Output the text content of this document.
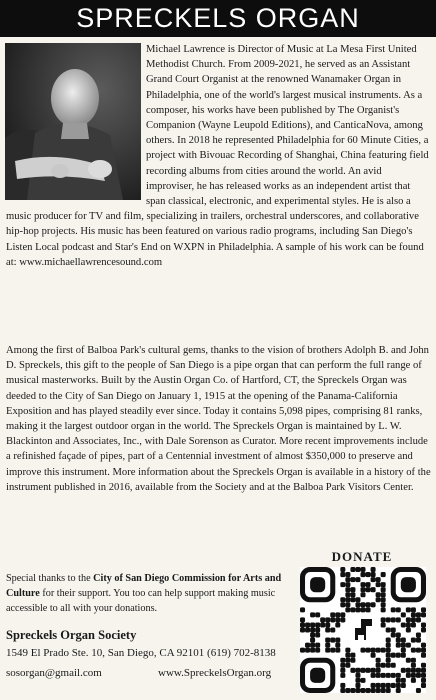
SPRECKELS ORGAN
Michael Lawrence is Director of Music at La Mesa First United Methodist Church. From 2009-2021, he served as an Assistant Grand Court Organist at the renowned Wanamaker Organ in Philadelphia, one of the world's largest musical instruments. As a composer, his works have been published by The Organist's Companion (Wayne Leupold Editions), and CanticaNova, among others. In 2018 he represented Philadelphia for 60 Minute Cities, a project with Bivouac Recording of Shanghai, China featuring field recording albums from cities around the world. An avid improviser, he has released works as an independent artist that span classical, electronic, and experimental styles. He is also a music producer for TV and film, specializing in trailers, orchestral underscores, and collaborative hip-hop projects. His music has been featured on various radio programs, including San Diego's Listen Local podcast and Star's End on WXPN in Philadelphia. A sample of his work can be found at: www.michaellawrencesound.com
Among the first of Balboa Park's cultural gems, thanks to the vision of brothers Adolph B. and John D. Spreckels, this gift to the people of San Diego is a pipe organ that can perform the full range of musical masterworks. Built by the Austin Organ Co. of Hartford, CT, the Spreckels Organ was deeded to the City of San Diego on January 1, 1915 at the opening of the Panama-California Exposition and has played steadily ever since. Today it contains 5,098 pipes, comprising 81 ranks, making it the largest outdoor organ in the world. The Spreckels Organ is maintained by L. W. Blackinton and Associates, Inc., with Dale Sorenson as Curator. More recent improvements include a refinished façade of pipes, part of a Centennial investment of almost $350,000 to preserve and improve this instrument. More information about the Spreckels Organ is available in a history of the instrument published in 2016, available from the Society and at the Balboa Park Visitors Center.
Special thanks to the City of San Diego Commission for Arts and Culture for their support. You too can help support making music accessible to all with your donations.
Spreckels Organ Society
1549 El Prado Ste. 10, San Diego, CA 92101 (619) 702-8138
sosorgan@gmail.com	www.SpreckelsOrgan.org
DONATE
